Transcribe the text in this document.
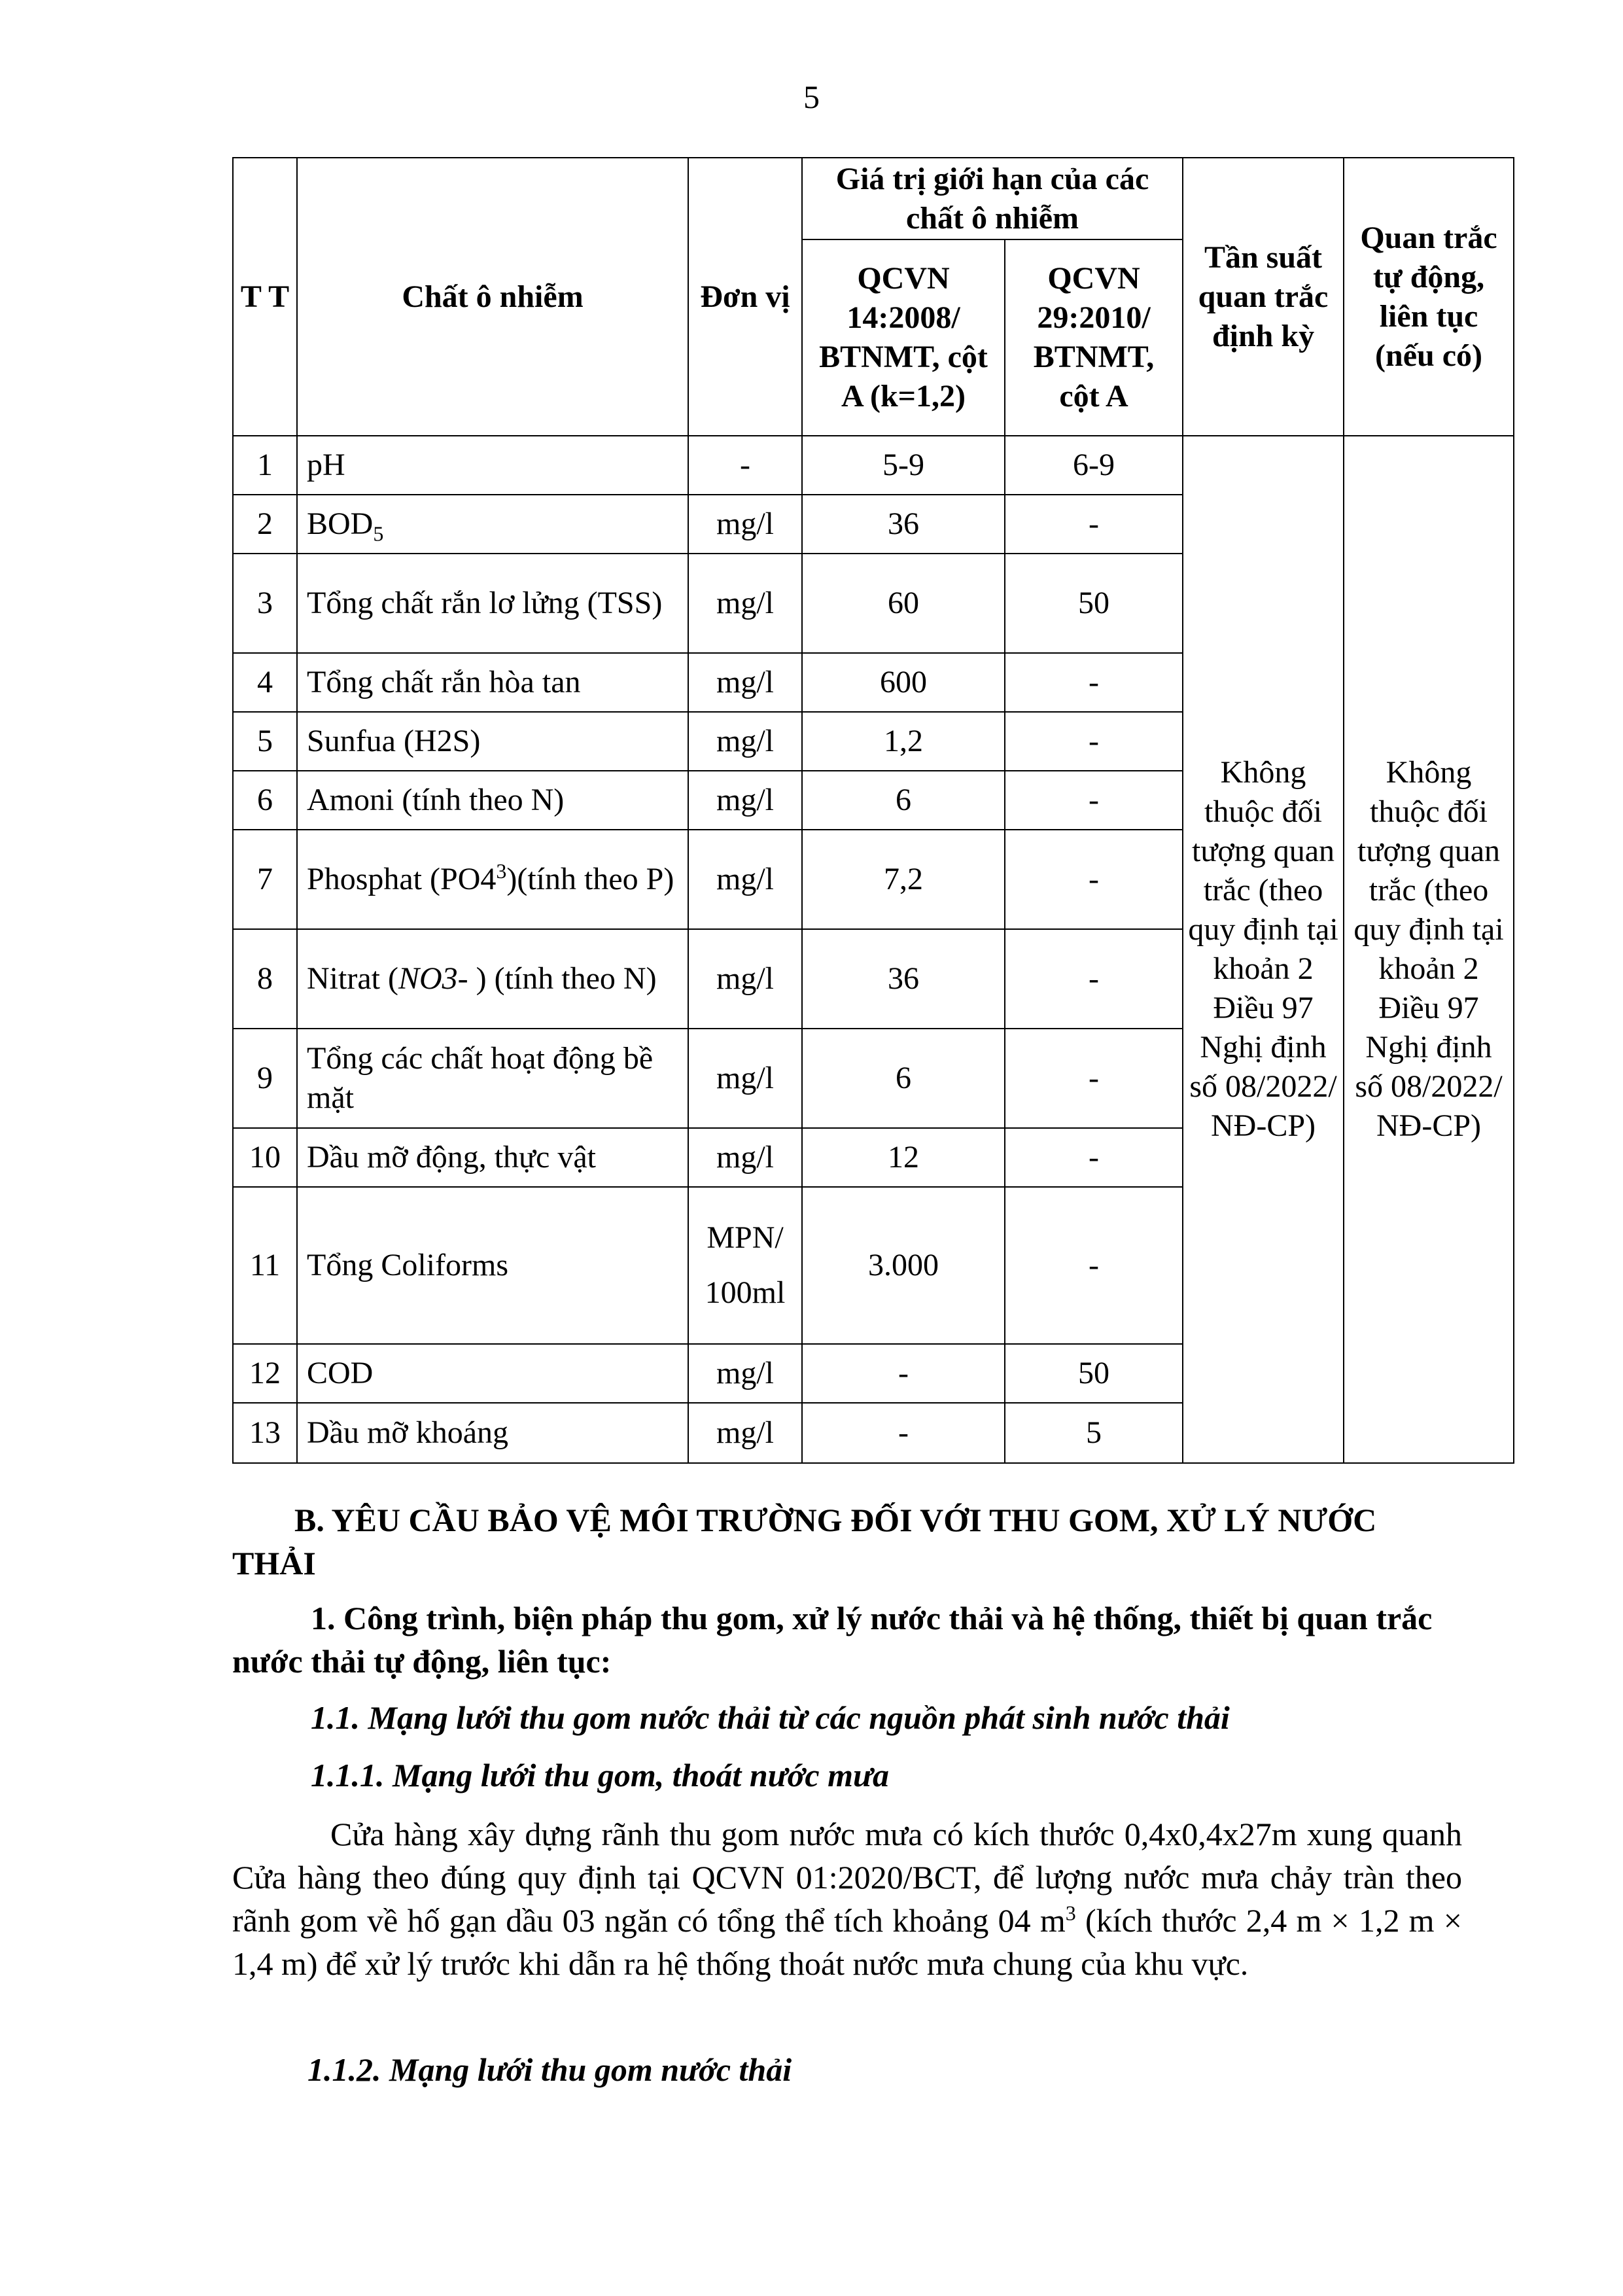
5
T T	Chất ô nhiễm	Đơn vị	Giá trị giới hạn của các chất ô nhiễm		Tần suất quan trắc định kỳ	Quan trắc tự động, liên tục (nếu có)
			QCVN 14:2008/ BTNMT, cột A (k=1,2)	QCVN 29:2010/ BTNMT, cột A		
1	pH	-	5-9	6-9	Không thuộc đối tượng quan trắc (theo quy định tại khoản 2 Điều 97 Nghị định số 08/2022/ NĐ-CP)	Không thuộc đối tượng quan trắc (theo quy định tại khoản 2 Điều 97 Nghị định số 08/2022/ NĐ-CP)
2	$BOD_5$	mg/l	36	-		
3	Tổng chất rắn lơ lửng (TSS)	mg/l	60	50		
4	Tổng chất rắn hòa tan	mg/l	600	-		
5	Sunfua (H2S)	mg/l	1,2	-		
6	Amoni (tính theo N)	mg/l	6	-		
7	Phosphat $(PO4^3)(tính$ theo P)	mg/l	7,2	-		
8	Nitrat (NO3- ) (tính theo N)	mg/l	36	-		
9	Tổng các chất hoạt động bề mặt	mg/l	6	-		
10	Dầu mỡ động, thực vật	mg/l	12	-		
11	Tổng Coliforms	MPN/ 100ml	3.000	-		
12	COD	mg/l	-	50		
13	Dầu mỡ khoáng	mg/l	-	5		
B. YÊU CẦU BẢO VỆ MÔI TRƯỜNG ĐỐI VỚI THU GOM, XỬ LÝ NƯỚC THẢI
1. Công trình, biện pháp thu gom, xử lý nước thải và hệ thống, thiết bị quan trắc nước thải tự động, liên tục:
1.1. Mạng lưới thu gom nước thải từ các nguồn phát sinh nước thải
1.1.1. Mạng lưới thu gom, thoát nước mưa
Cửa hàng xây dựng rãnh thu gom nước mưa có kích thước 0,4x0,4x27m xung quanh Cửa hàng theo đúng quy định tại QCVN 01:2020/BCT, để lượng nước mưa chảy tràn theo rãnh gom về hố gạn dầu 03 ngăn có tổng thể tích khoảng 04 $m^3$ (kích thước 2,4 m × 1,2 m × 1,4 m) để xử lý trước khi dẫn ra hệ thống thoát nước mưa chung của khu vực.
1.1.2. Mạng lưới thu gom nước thải
